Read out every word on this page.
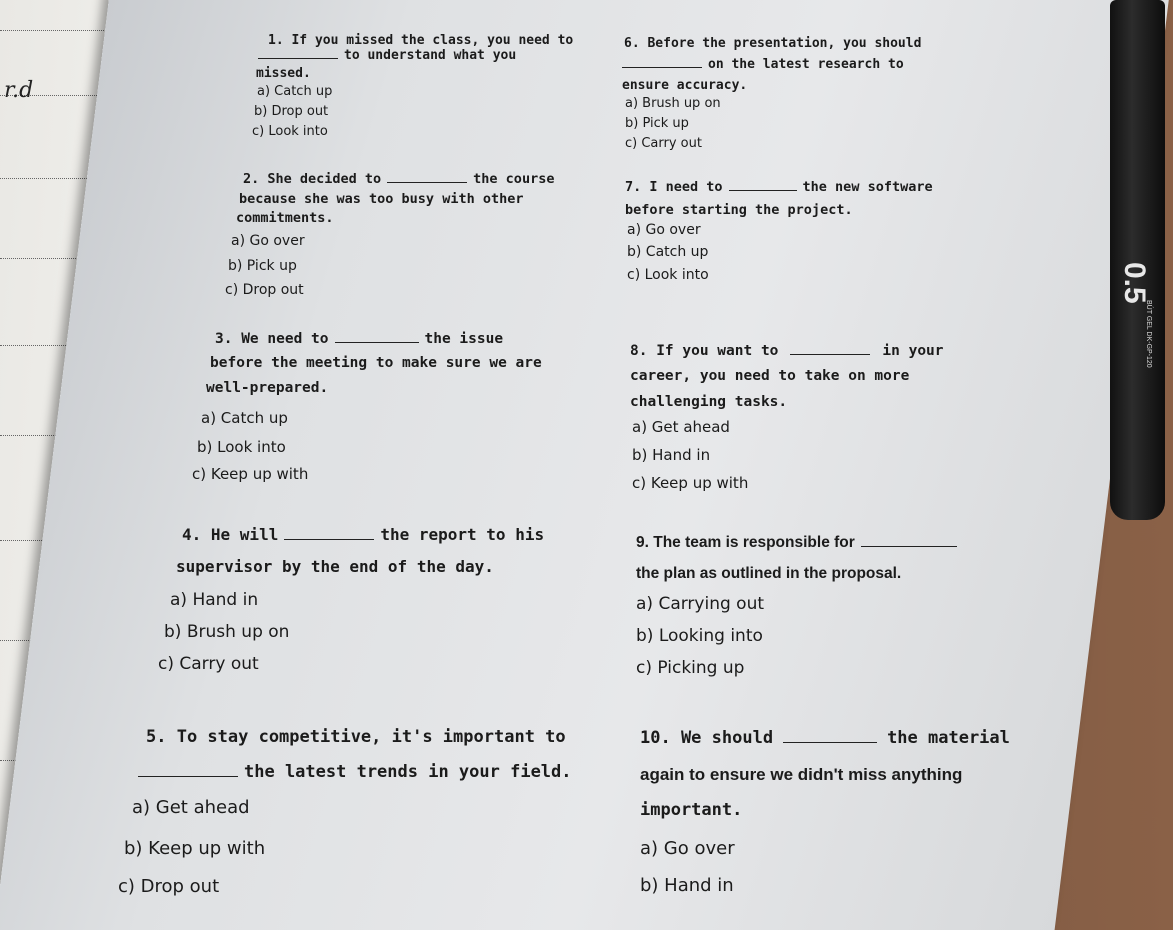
r.d
1. If you missed the class, you need to
to understand what you
missed.
a) Catch up
b) Drop out
c) Look into
2. She decided to	the course
because she was too busy with other
commitments.
a) Go over
b) Pick up
c) Drop out
3. We need to	the issue
before the meeting to make sure we are
well-prepared.
a) Catch up
b) Look into
c) Keep up with
4. He will	the report to his
supervisor by the end of the day.
a) Hand in
b) Brush up on
c) Carry out
5. To stay competitive, it's important to
the latest trends in your field.
a) Get ahead
b) Keep up with
c) Drop out
6. Before the presentation, you should
on the latest research to
ensure accuracy.
a) Brush up on
b) Pick up
c) Carry out
7. I need to	the new software
before starting the project.
a) Go over
b) Catch up
c) Look into
8. If you want to	in your
career, you need to take on more
challenging tasks.
a) Get ahead
b) Hand in
c) Keep up with
9. The team is responsible for
the plan as outlined in the proposal.
a) Carrying out
b) Looking into
c) Picking up
10. We should	the material
again to ensure we didn't miss anything
important.
a) Go over
b) Hand in
0.5
BÚT GEL DK-GP-120
